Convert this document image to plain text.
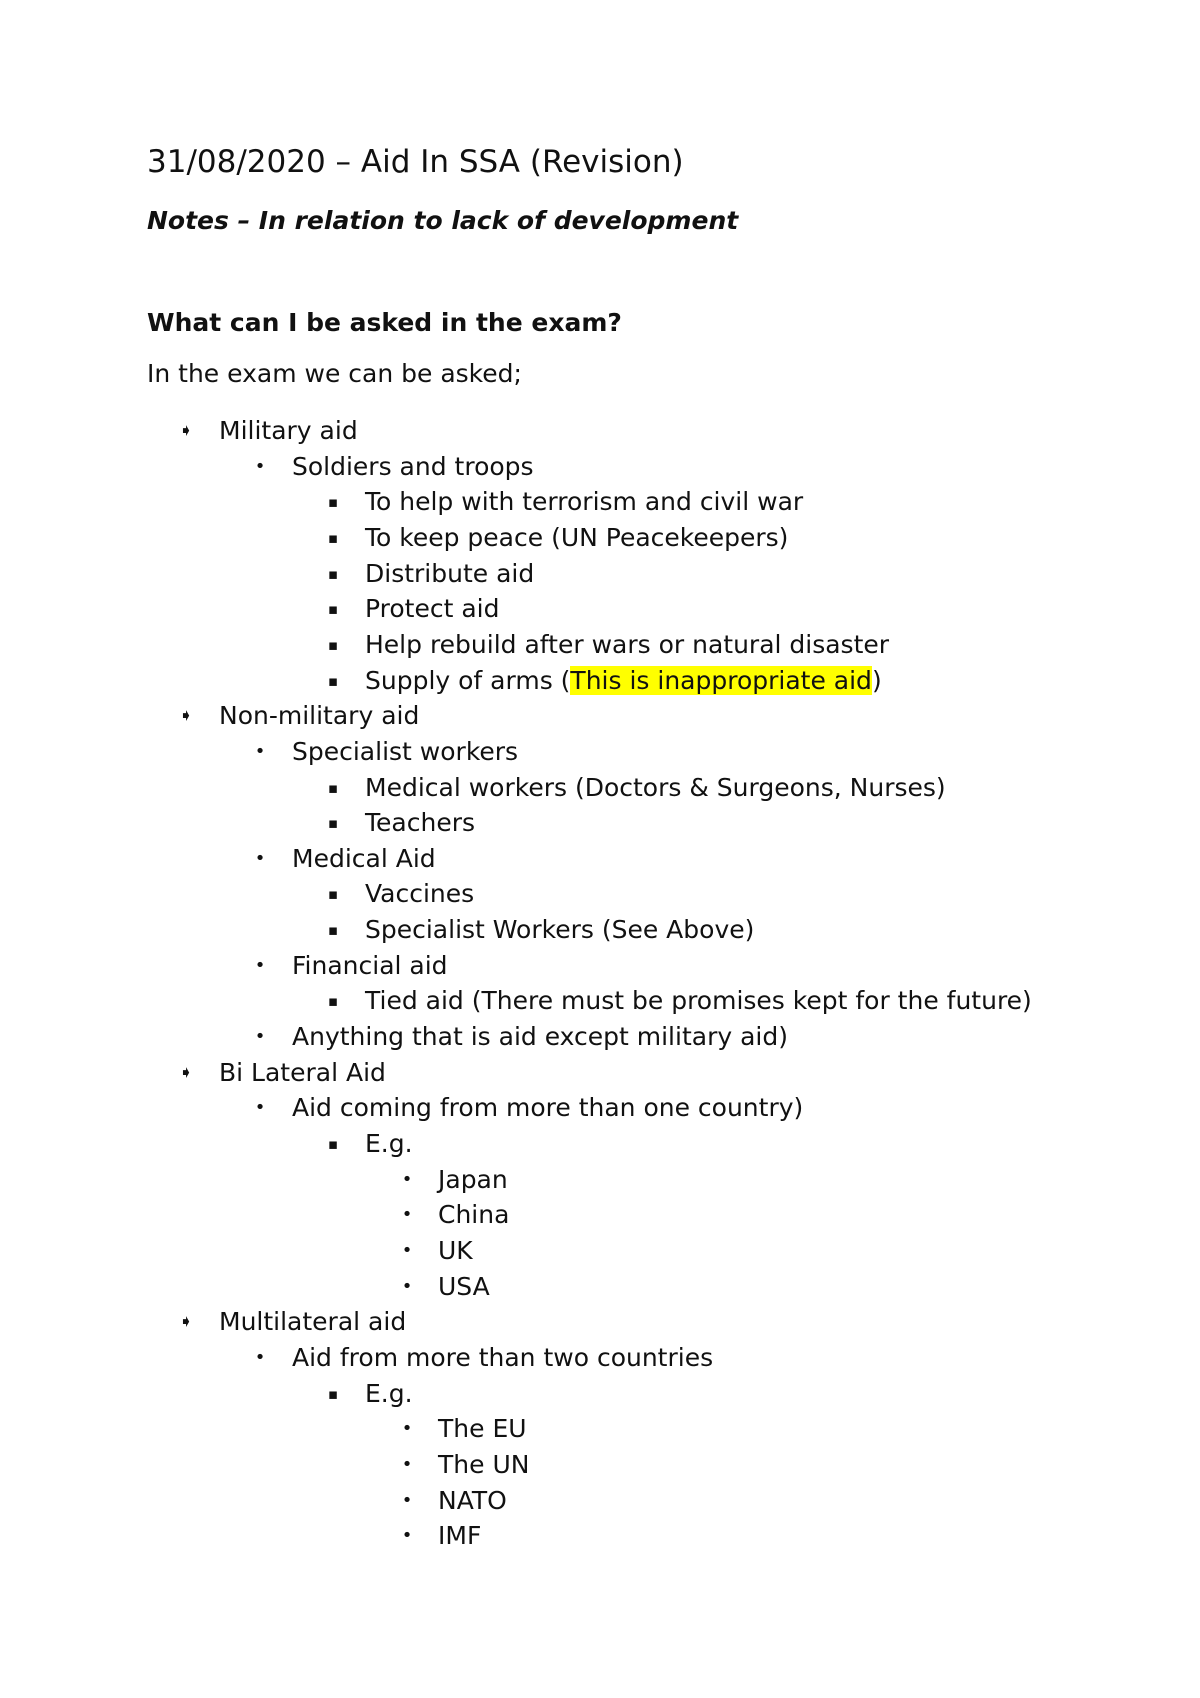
31/08/2020 – Aid In SSA (Revision)
Notes – In relation to lack of development
What can I be asked in the exam?
In the exam we can be asked;
➧ Military aid
• Soldiers and troops
▪ To help with terrorism and civil war
▪ To keep peace (UN Peacekeepers)
▪ Distribute aid
▪ Protect aid
▪ Help rebuild after wars or natural disaster
▪ Supply of arms (This is inappropriate aid)
➧ Non-military aid
• Specialist workers
▪ Medical workers (Doctors & Surgeons, Nurses)
▪ Teachers
• Medical Aid
▪ Vaccines
▪ Specialist Workers (See Above)
• Financial aid
▪ Tied aid (There must be promises kept for the future)
• Anything that is aid except military aid)
➧ Bi Lateral Aid
• Aid coming from more than one country)
▪ E.g.
• Japan
• China
• UK
• USA
➧ Multilateral aid
• Aid from more than two countries
▪ E.g.
• The EU
• The UN
• NATO
• IMF
